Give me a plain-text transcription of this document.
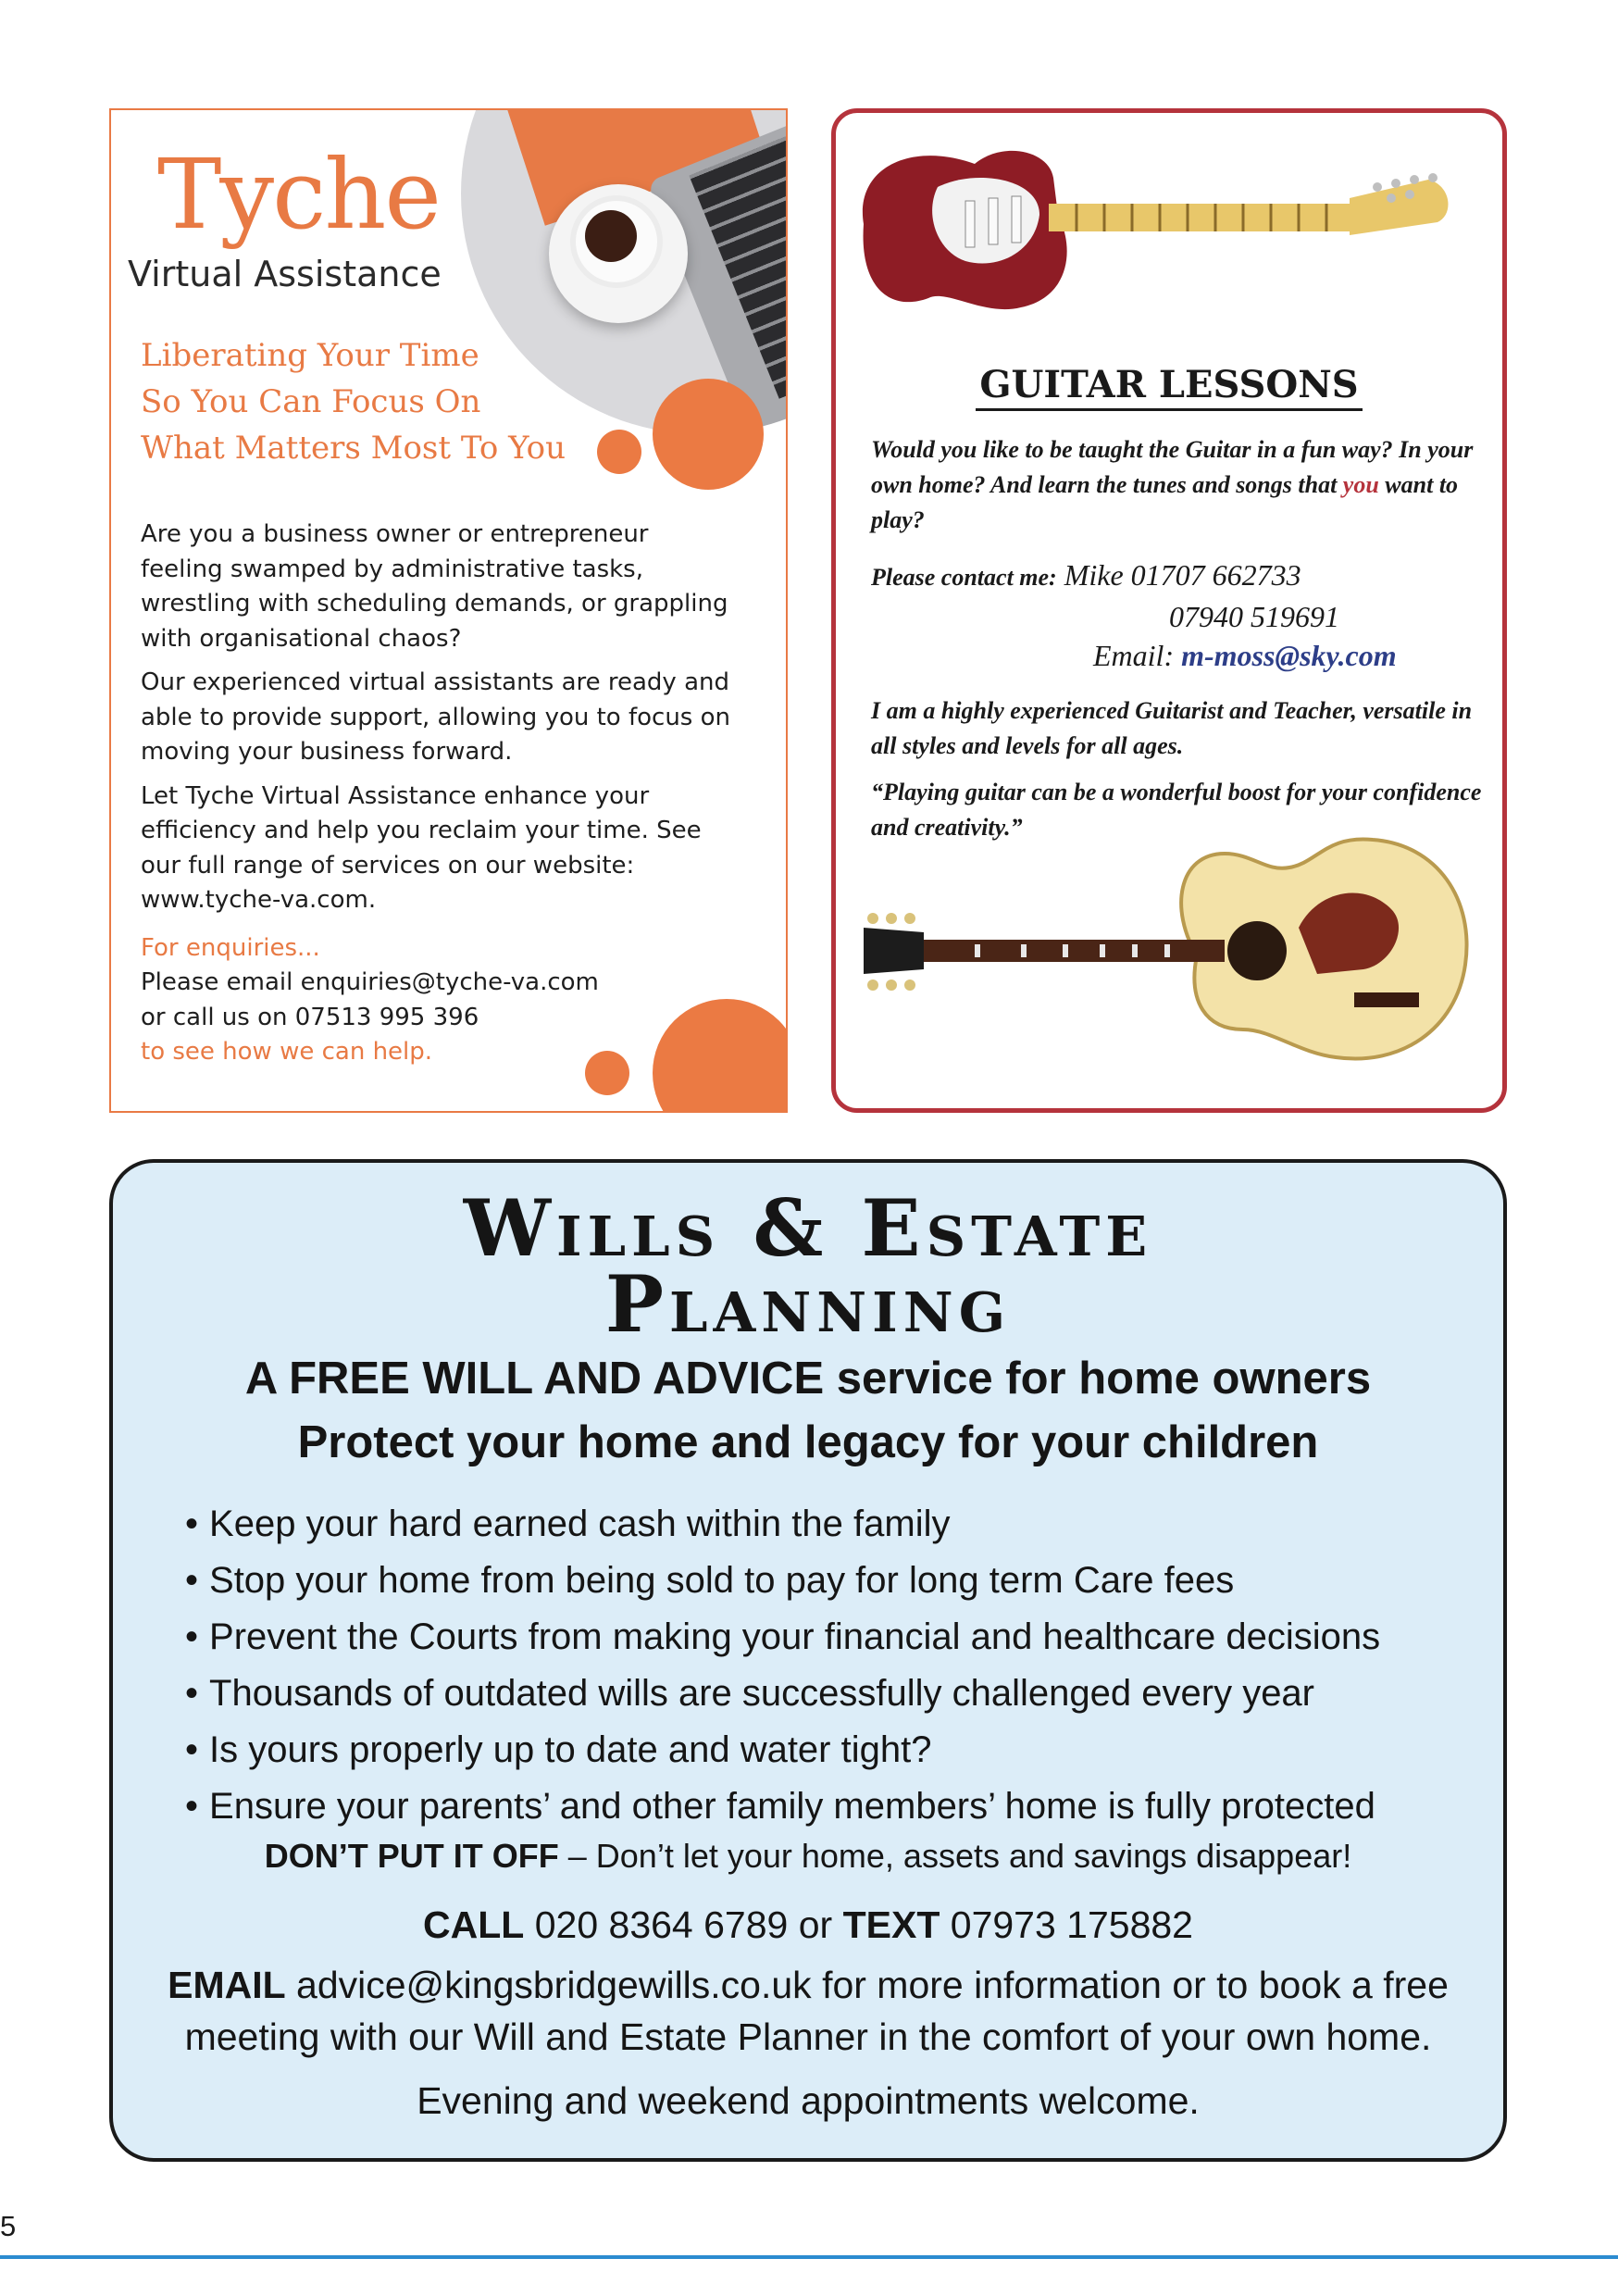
Tyche
Virtual Assistance
Liberating Your Time
So You Can Focus On
What Matters Most To You

Are you a business owner or entrepreneur feeling swamped by administrative tasks, wrestling with scheduling demands, or grappling with organisational chaos?

Our experienced virtual assistants are ready and able to provide support, allowing you to focus on moving your business forward.

Let Tyche Virtual Assistance enhance your efficiency and help you reclaim your time. See our full range of services on our website: www.tyche-va.com.

For enquiries...
Please email enquiries@tyche-va.com
or call us on 07513 995 396
to see how we can help.
GUITAR LESSONS
Would you like to be taught the Guitar in a fun way? In your own home? And learn the tunes and songs that you want to play?
Please contact me: Mike 01707 662733
07940 519691
Email: m-moss@sky.com
I am a highly experienced Guitarist and Teacher, versatile in all styles and levels for all ages.
“Playing guitar can be a wonderful boost for your confidence and creativity.”
Wills & Estate
Planning
A FREE WILL AND ADVICE service for home owners
Protect your home and legacy for your children
• Keep your hard earned cash within the family
• Stop your home from being sold to pay for long term Care fees
• Prevent the Courts from making your financial and healthcare decisions
• Thousands of outdated wills are successfully challenged every year
• Is yours properly up to date and water tight?
• Ensure your parents’ and other family members’ home is fully protected
DON’T PUT IT OFF – Don’t let your home, assets and savings disappear!
CALL 020 8364 6789 or TEXT 07973 175882
EMAIL advice@kingsbridgewills.co.uk for more information or to book a free
meeting with our Will and Estate Planner in the comfort of your own home.
Evening and weekend appointments welcome.
5
